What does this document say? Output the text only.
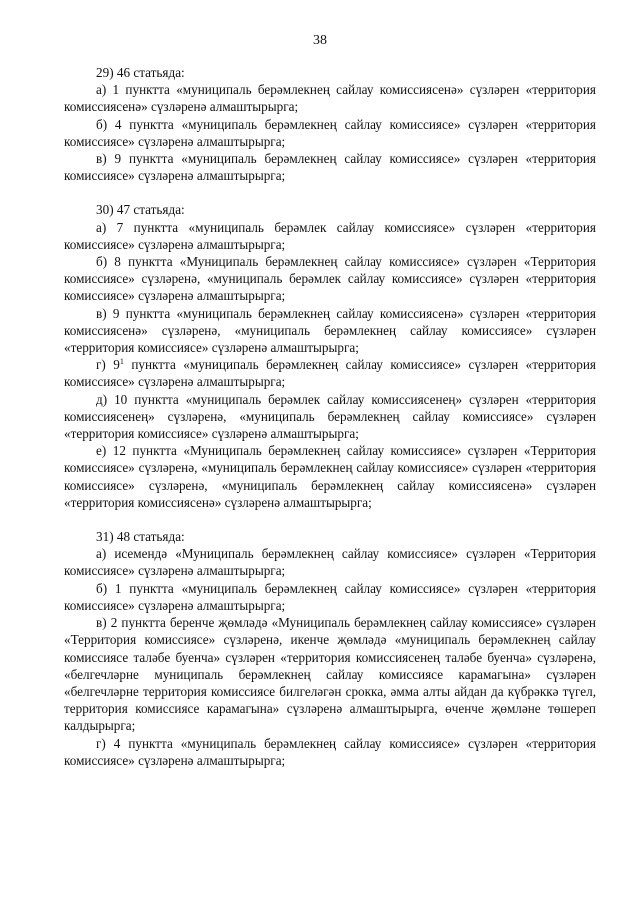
38

29) 46 статьяда:

а) 1 пунктта «муниципаль берәмлекнең сайлау комиссиясенә» сүзләрен «территория комиссиясенә» сүзләренә алмаштырырга;

б) 4 пунктта «муниципаль берәмлекнең сайлау комиссиясе» сүзләрен «территория комиссиясе» сүзләренә алмаштырырга;

в) 9 пунктта «муниципаль берәмлекнең сайлау комиссиясе» сүзләрен «территория комиссиясе» сүзләренә алмаштырырга;

30) 47 статьяда:

а) 7 пунктта «муниципаль берәмлек сайлау комиссиясе» сүзләрен «территория комиссиясе» сүзләренә алмаштырырга;

б) 8 пунктта «Муниципаль берәмлекнең сайлау комиссиясе» сүзләрен «Территория комиссиясе» сүзләренә, «муниципаль берәмлек сайлау комиссиясе» сүзләрен «территория комиссиясе» сүзләренә алмаштырырга;

в) 9 пунктта «муниципаль берәмлекнең сайлау комиссиясенә» сүзләрен «территория комиссиясенә» сүзләренә, «муниципаль берәмлекнең сайлау комиссиясе» сүзләрен «территория комиссиясе» сүзләренә алмаштырырга;

г) $9^1$ пунктта «муниципаль берәмлекнең сайлау комиссиясе» сүзләрен «территория комиссиясе» сүзләренә алмаштырырга;

д) 10 пунктта «муниципаль берәмлек сайлау комиссиясенең» сүзләрен «территория комиссиясенең» сүзләренә, «муниципаль берәмлекнең сайлау комиссиясе» сүзләрен «территория комиссиясе» сүзләренә алмаштырырга;

е) 12 пунктта «Муниципаль берәмлекнең сайлау комиссиясе» сүзләрен «Территория комиссиясе» сүзләренә, «муниципаль берәмлекнең сайлау комиссиясе» сүзләрен «территория комиссиясе» сүзләренә, «муниципаль берәмлекнең сайлау комиссиясенә» сүзләрен «территория комиссиясенә» сүзләренә алмаштырырга;

31) 48 статьяда:

а) исемендә «Муниципаль берәмлекнең сайлау комиссиясе» сүзләрен «Территория комиссиясе» сүзләренә алмаштырырга;

б) 1 пунктта «муниципаль берәмлекнең сайлау комиссиясе» сүзләрен «территория комиссиясе» сүзләренә алмаштырырга;

в) 2 пунктта беренче җөмләдә «Муниципаль берәмлекнең сайлау комиссиясе» сүзләрен «Территория комиссиясе» сүзләренә, икенче җөмләдә «муниципаль берәмлекнең сайлау комиссиясе таләбе буенча» сүзләрен «территория комиссиясенең таләбе буенча» сүзләренә, «белгечләрне муниципаль берәмлекнең сайлау комиссиясе карамагына» сүзләрен «белгечләрне территория комиссиясе билгеләгән срокка, әмма алты айдан да күбрәккә түгел, территория комиссиясе карамагына» сүзләренә алмаштырырга, өченче җөмләне төшереп калдырырга;

г) 4 пунктта «муниципаль берәмлекнең сайлау комиссиясе» сүзләрен «территория комиссиясе» сүзләренә алмаштырырга;
